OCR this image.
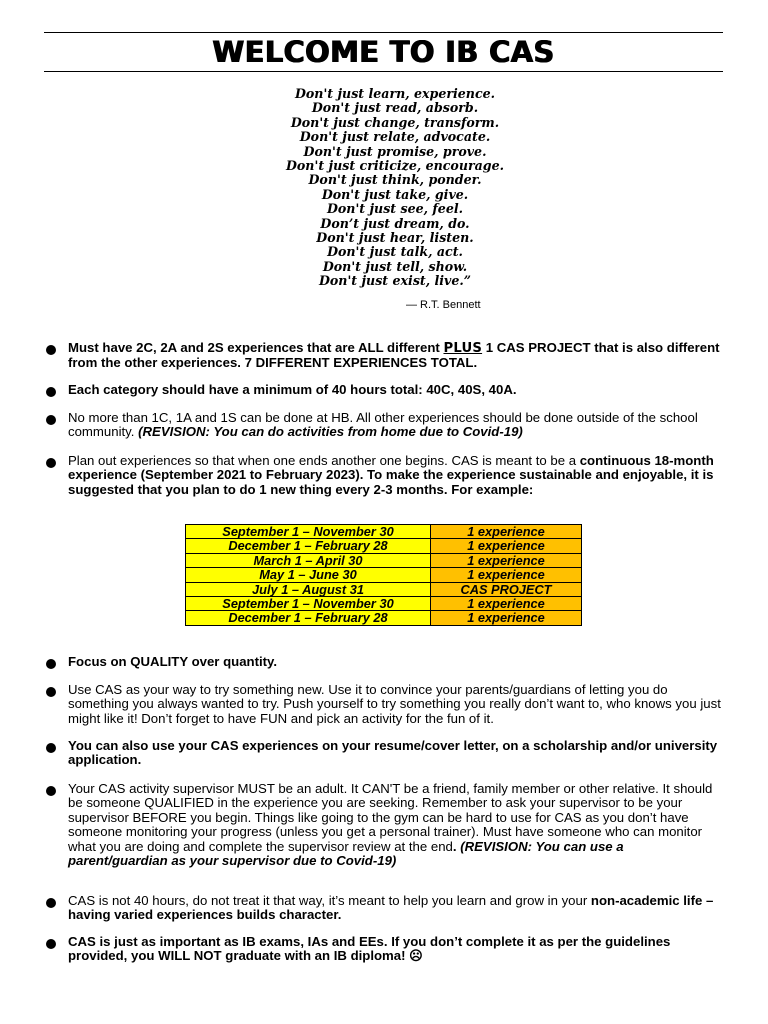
WELCOME TO IB CAS
Don't just learn, experience.
Don't just read, absorb.
Don't just change, transform.
Don't just relate, advocate.
Don't just promise, prove.
Don't just criticize, encourage.
Don't just think, ponder.
Don't just take, give.
Don't just see, feel.
Don’t just dream, do.
Don't just hear, listen.
Don't just talk, act.
Don't just tell, show.
Don't just exist, live.”
— R.T. Bennett
Must have 2C, 2A and 2S experiences that are ALL different PLUS 1 CAS PROJECT that is also different from the other experiences. 7 DIFFERENT EXPERIENCES TOTAL.
Each category should have a minimum of 40 hours total: 40C, 40S, 40A.
No more than 1C, 1A and 1S can be done at HB. All other experiences should be done outside of the school community. (REVISION: You can do activities from home due to Covid-19)
Plan out experiences so that when one ends another one begins. CAS is meant to be a continuous 18-month experience (September 2021 to February 2023). To make the experience sustainable and enjoyable, it is suggested that you plan to do 1 new thing every 2-3 months. For example:
September 1 – November 30	1 experience
December 1 – February 28	1 experience
March 1 – April 30	1 experience
May 1 – June 30	1 experience
July 1 – August 31	CAS PROJECT
September 1 – November 30	1 experience
December 1 – February 28	1 experience
Focus on QUALITY over quantity.
Use CAS as your way to try something new. Use it to convince your parents/guardians of letting you do something you always wanted to try. Push yourself to try something you really don’t want to, who knows you just might like it! Don’t forget to have FUN and pick an activity for the fun of it.
You can also use your CAS experiences on your resume/cover letter, on a scholarship and/or university application.
Your CAS activity supervisor MUST be an adult. It CAN'T be a friend, family member or other relative. It should be someone QUALIFIED in the experience you are seeking. Remember to ask your supervisor to be your supervisor BEFORE you begin. Things like going to the gym can be hard to use for CAS as you don’t have someone monitoring your progress (unless you get a personal trainer). Must have someone who can monitor what you are doing and complete the supervisor review at the end. (REVISION: You can use a parent/guardian as your supervisor due to Covid-19)
CAS is not 40 hours, do not treat it that way, it’s meant to help you learn and grow in your non-academic life – having varied experiences builds character.
CAS is just as important as IB exams, IAs and EEs. If you don’t complete it as per the guidelines provided, you WILL NOT graduate with an IB diploma! ☹
